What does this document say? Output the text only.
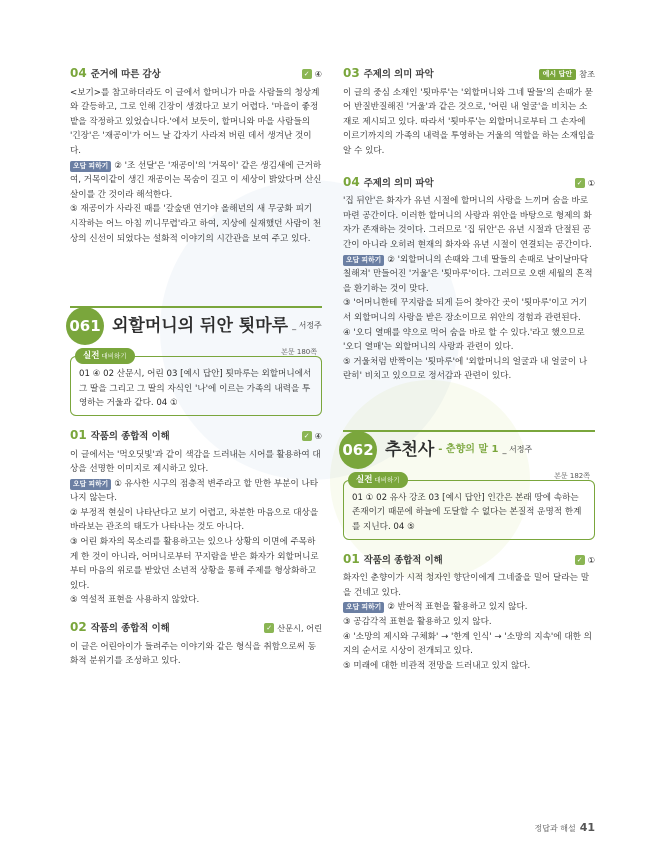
04 준거에 따른 감상	✓ ④

<보기>를 참고하더라도 이 글에서 할머니가 마을 사람들의 청상계와 갈등하고, 그로 인해 긴장이 생겼다고 보기 어렵다. '마을이 좋정밭을 작정하고 있었습니다.'에서 보듯이, 할머니와 마을 사람들의 '긴장'은 '재공이'가 어느 날 갑자기 사라져 버린 데서 생겨난 것이다.

오답 피하기 ② '조 선달'은 '재공이'의 '거목이' 같은 생김새에 근거하여, 거목이같이 생긴 재공이는 목숨이 길고 이 세상이 밝았다며 산신살이를 간 것이라 해석한다.

⑤ 재공이가 사라진 때를 '갈숲댄 연기야 올해년의 새 무궁화 피기 시작하는 어느 아침 끼니무렵'라고 하여, 지상에 실재했던 사람이 천상의 신선이 되었다는 설화적 이야기의 시간관을 보여 주고 있다.

061 외할머니의 뒤안 툇마루 _ 서정주
실전 대비하기	본문 180쪽

01 ④ 02 산문시, 어린 03 [예시 답안] 툇마루는 외할머니에서 그 딸을 그리고 그 딸의 자식인 '나'에 이르는 가족의 내력을 투영하는 거울과 같다. 04 ①

01 작품의 종합적 이해	✓ ④

이 글에서는 '먹오딧빛'과 같이 색감을 드러내는 시어를 활용하여 대상을 선명한 이미지로 제시하고 있다.

오답 피하기 ① 유사한 시구의 점층적 변주라고 할 만한 부분이 나타나지 않는다.

② 부정적 현실이 나타난다고 보기 어렵고, 차분한 마음으로 대상을 바라보는 관조의 태도가 나타나는 것도 아니다.

③ 어린 화자의 목소리를 활용하고는 있으나 상황의 이면에 주목하게 한 것이 아니라, 어머니로부터 꾸지람을 받은 화자가 외할머니로부터 마음의 위로를 받았던 소년적 상황을 통해 주제를 형상화하고 있다.

⑤ 역설적 표현을 사용하지 않았다.

02 작품의 종합적 이해	✓ 산문시, 어린

이 글은 어린아이가 들려주는 이야기와 같은 형식을 취함으로써 동화적 분위기를 조성하고 있다.

03 주제의 의미 파악	예시 답안 참조

이 글의 중심 소재인 '툇마루'는 '외할머니와 그네 딸들'의 손때가 묻어 반질반질해진 '거울'과 같은 것으로, '어린 내 얼굴'을 비치는 소재로 제시되고 있다. 따라서 '툇마루'는 외할머니로부터 그 손자에 이르기까지의 가족의 내력을 투영하는 거울의 역할을 하는 소재임을 알 수 있다.

04 주제의 의미 파악	✓ ①

'집 뒤안'은 화자가 유년 시절에 할머니의 사랑을 느끼며 숨을 바로 마련 공간이다. 이러한 할머니의 사랑과 위안을 바탕으로 형제의 화자가 존재하는 것이다. 그러므로 '집 뒤안'은 유년 시절과 단절된 공간이 아니라 오히려 현재의 화자와 유년 시절이 연결되는 공간이다.

오답 피하기 ② '외할머니의 손때와 그네 딸들의 손때로 날이날마닥 칠해져' 만들어진 '거울'은 '툇마루'이다. 그러므로 오랜 세월의 흔적을 환기하는 것이 맞다.

③ '어머니한테 꾸지람을 되게 듣어 찾아간 곳이 '툇마루'이고 거기서 외할머니의 사랑을 받은 장소이므로 위안의 경험과 관련된다.

④ '오디 열매를 약으로 먹어 숨을 바로 할 수 있다.'라고 했으므로 '오디 열매'는 외할머니의 사랑과 관련이 있다.

⑤ 거울처럼 반짝이는 '툇마루'에 '외할머니의 얼굴과 내 얼굴이 나란히' 비치고 있으므로 정서감과 관련이 있다.

062 추천사 - 춘향의 말 1 _ 서정주
실전 대비하기	본문 182쪽

01 ① 02 유사 강조 03 [예시 답안] 인간은 본래 땅에 속하는 존재이기 때문에 하늘에 도달할 수 없다는 본질적 운명적 한계를 지닌다. 04 ⑤

01 작품의 종합적 이해	✓ ①

화자인 춘향이가 시적 청자인 향단이에게 그네줄을 밀어 달라는 말을 건네고 있다.

오답 피하기 ② 반어적 표현을 활용하고 있지 않다.

③ 공감각적 표현을 활용하고 있지 않다.

④ '소망의 제시와 구체화' → '한계 인식' → '소망의 지속'에 대한 의지의 순서로 시상이 전개되고 있다.

⑤ 미래에 대한 비관적 전망을 드러내고 있지 않다.

정답과 해설 41
